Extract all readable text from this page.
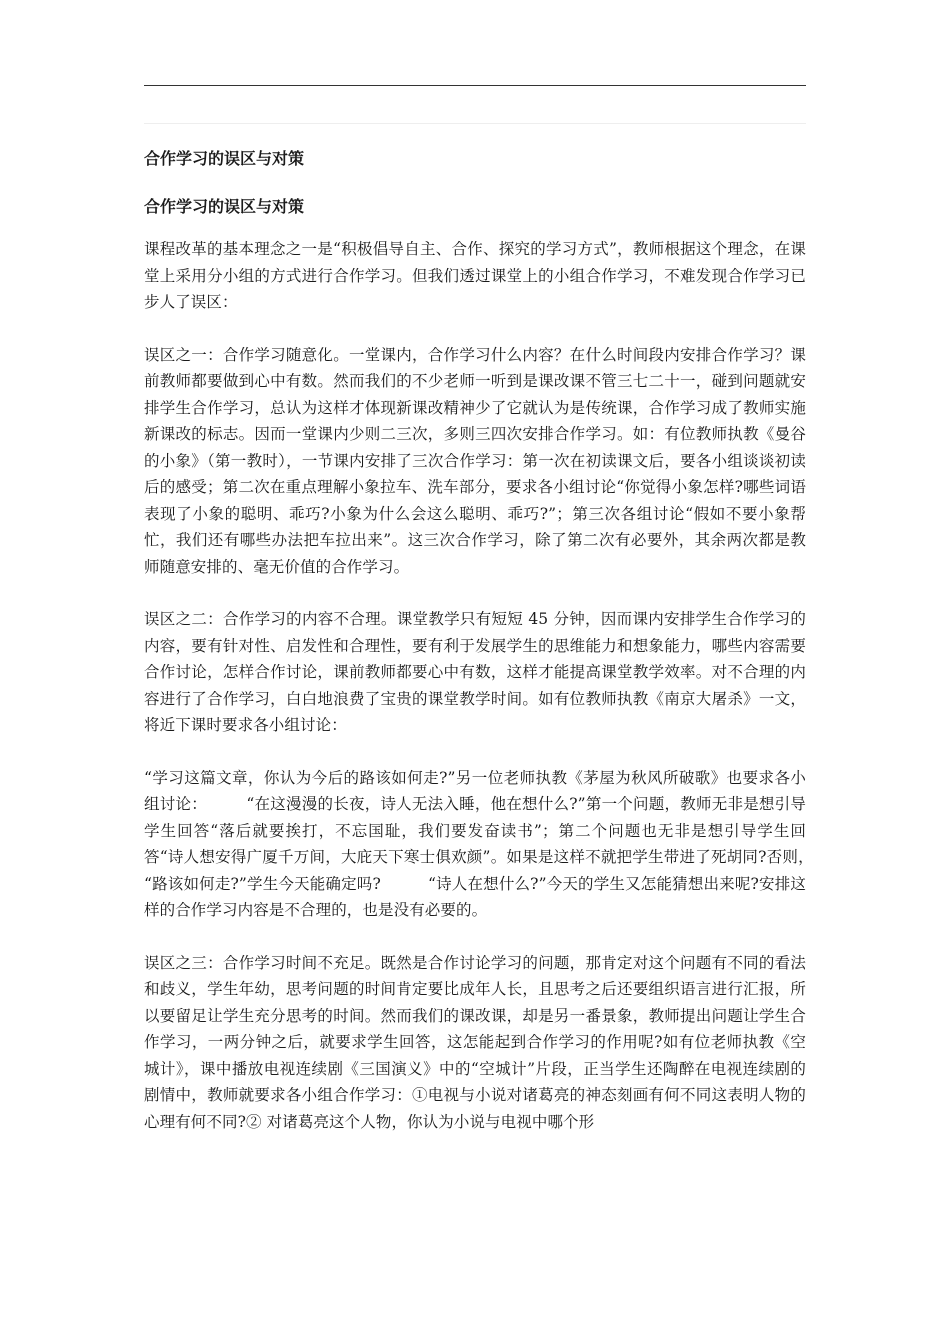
合作学习的误区与对策
合作学习的误区与对策

课程改革的基本理念之一是“积极倡导自主、合作、探究的学习方式”，教师根据这个理念，在课堂上采用分小组的方式进行合作学习。但我们透过课堂上的小组合作学习，不难发现合作学习已步人了误区：

误区之一：合作学习随意化。一堂课内，合作学习什么内容？在什么时间段内安排合作学习？课前教师都要做到心中有数。然而我们的不少老师一听到是课改课不管三七二十一，碰到问题就安排学生合作学习，总认为这样才体现新课改精神少了它就认为是传统课，合作学习成了教师实施新课改的标志。因而一堂课内少则二三次，多则三四次安排合作学习。如：有位教师执教《曼谷的小象》（第一教时），一节课内安排了三次合作学习：第一次在初读课文后，要各小组谈谈初读后的感受；第二次在重点理解小象拉车、洗车部分，要求各小组讨论“你觉得小象怎样?哪些词语表现了小象的聪明、乖巧?小象为什么会这么聪明、乖巧?”；第三次各组讨论“假如不要小象帮忙，我们还有哪些办法把车拉出来”。这三次合作学习，除了第二次有必要外，其余两次都是教师随意安排的、毫无价值的合作学习。

误区之二：合作学习的内容不合理。课堂教学只有短短 45 分钟，因而课内安排学生合作学习的内容，要有针对性、启发性和合理性，要有利于发展学生的思维能力和想象能力，哪些内容需要合作讨论，怎样合作讨论，课前教师都要心中有数，这样才能提高课堂教学效率。对不合理的内容进行了合作学习，白白地浪费了宝贵的课堂教学时间。如有位教师执教《南京大屠杀》一文，将近下课时要求各小组讨论：

“学习这篇文章，你认为今后的路该如何走?”另一位老师执教《茅屋为秋风所破歌》也要求各小组讨论：　　　“在这漫漫的长夜，诗人无法入睡，他在想什么?”第一个问题，教师无非是想引导学生回答“落后就要挨打，不忘国耻，我们要发奋读书”；第二个问题也无非是想引导学生回答“诗人想安得广厦千万间，大庇天下寒士俱欢颜”。如果是这样不就把学生带进了死胡同?否则，　　　“路该如何走?”学生今天能确定吗?　　　“诗人在想什么?”今天的学生又怎能猜想出来呢?安排这样的合作学习内容是不合理的，也是没有必要的。

误区之三：合作学习时间不充足。既然是合作讨论学习的问题，那肯定对这个问题有不同的看法和歧义，学生年幼，思考问题的时间肯定要比成年人长，且思考之后还要组织语言进行汇报，所以要留足让学生充分思考的时间。然而我们的课改课，却是另一番景象，教师提出问题让学生合作学习，一两分钟之后，就要求学生回答，这怎能起到合作学习的作用呢?如有位老师执教《空城计》，课中播放电视连续剧《三国演义》中的“空城计”片段，正当学生还陶醉在电视连续剧的剧情中，教师就要求各小组合作学习：①电视与小说对诸葛亮的神态刻画有何不同这表明人物的心理有何不同?② 对诸葛亮这个人物，你认为小说与电视中哪个形
